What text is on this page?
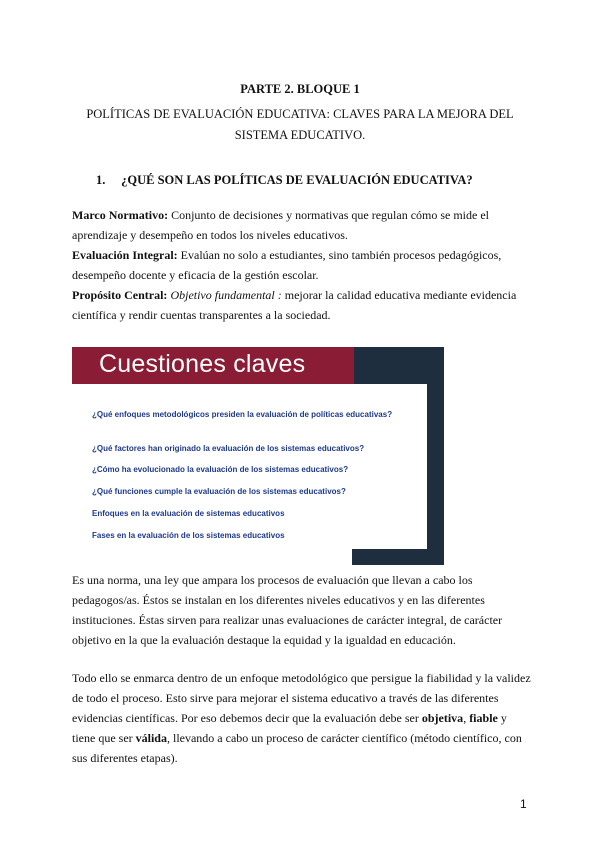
PARTE 2. BLOQUE 1
POLÍTICAS DE EVALUACIÓN EDUCATIVA: CLAVES PARA LA MEJORA DEL SISTEMA EDUCATIVO.
1. ¿QUÉ SON LAS POLÍTICAS DE EVALUACIÓN EDUCATIVA?
Marco Normativo: Conjunto de decisiones y normativas que regulan cómo se mide el aprendizaje y desempeño en todos los niveles educativos.
Evaluación Integral: Evalúan no solo a estudiantes, sino también procesos pedagógicos, desempeño docente y eficacia de la gestión escolar.
Propósito Central: Objetivo fundamental : mejorar la calidad educativa mediante evidencia científica y rendir cuentas transparentes a la sociedad.
Cuestiones claves
¿Qué enfoques metodológicos presiden la evaluación de políticas educativas?
¿Qué factores han originado la evaluación de los sistemas educativos?
¿Cómo ha evolucionado la evaluación de los sistemas educativos?
¿Qué funciones cumple la evaluación de los sistemas educativos?
Enfoques en la evaluación de sistemas educativos
Fases en la evaluación de los sistemas educativos
Es una norma, una ley que ampara los procesos de evaluación que llevan a cabo los pedagogos/as. Éstos se instalan en los diferentes niveles educativos y en las diferentes instituciones. Éstas sirven para realizar unas evaluaciones de carácter integral, de carácter objetivo en la que la evaluación destaque la equidad y la igualdad en educación.
Todo ello se enmarca dentro de un enfoque metodológico que persigue la fiabilidad y la validez de todo el proceso. Esto sirve para mejorar el sistema educativo a través de las diferentes evidencias científicas. Por eso debemos decir que la evaluación debe ser objetiva, fiable y tiene que ser válida, llevando a cabo un proceso de carácter científico (método científico, con sus diferentes etapas).
1
